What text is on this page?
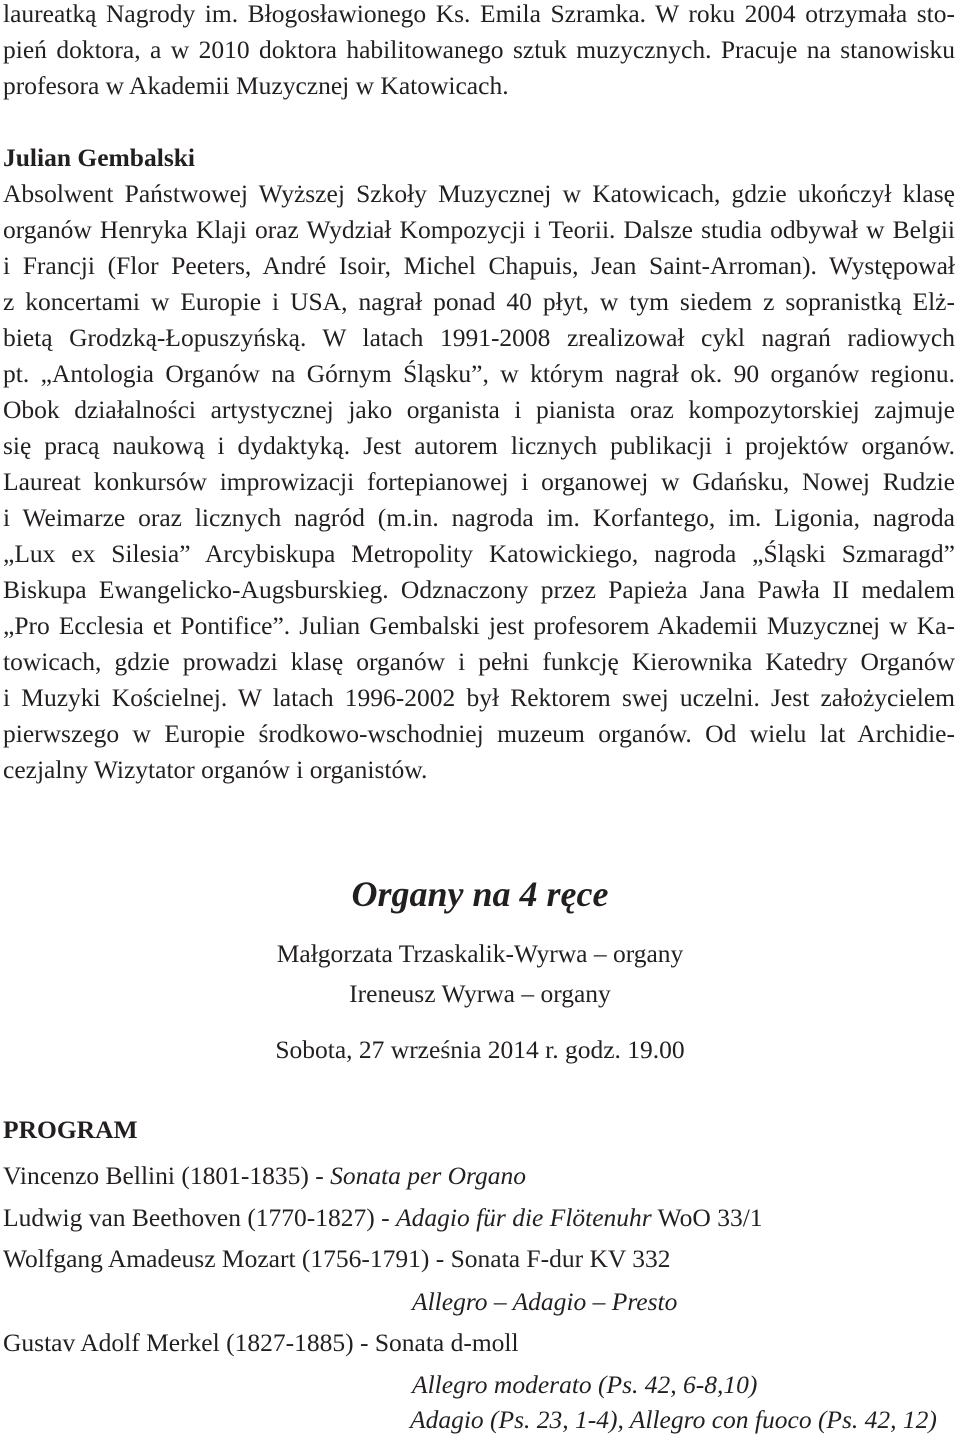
laureatką Nagrody im. Błogosławionego Ks. Emila Szramka. W roku 2004 otrzymała sto-
pień doktora, a w 2010 doktora habilitowanego sztuk muzycznych. Pracuje na stanowisku
profesora w Akademii Muzycznej w Katowicach.
Julian Gembalski
Absolwent Państwowej Wyższej Szkoły Muzycznej w Katowicach, gdzie ukończył klasę
organów Henryka Klaji oraz Wydział Kompozycji i Teorii. Dalsze studia odbywał w Belgii
i Francji (Flor Peeters, André Isoir, Michel Chapuis, Jean Saint-Arroman). Występował
z koncertami w Europie i USA, nagrał ponad 40 płyt, w tym siedem z sopranistką Elż-
bietą Grodzką-Łopuszyńską. W latach 1991-2008 zrealizował cykl nagrań radiowych
pt. „Antologia Organów na Górnym Śląsku”, w którym nagrał ok. 90 organów regionu.
Obok działalności artystycznej jako organista i pianista oraz kompozytorskiej zajmuje
się pracą naukową i dydaktyką. Jest autorem licznych publikacji i projektów organów.
Laureat konkursów improwizacji fortepianowej i organowej w Gdańsku, Nowej Rudzie
i Weimarze oraz licznych nagród (m.in. nagroda im. Korfantego, im. Ligonia, nagroda
„Lux ex Silesia” Arcybiskupa Metropolity Katowickiego, nagroda „Śląski Szmaragd”
Biskupa Ewangelicko-Augsburskieg. Odznaczony przez Papieża Jana Pawła II medalem
„Pro Ecclesia et Pontifice”. Julian Gembalski jest profesorem Akademii Muzycznej w Ka-
towicach, gdzie prowadzi klasę organów i pełni funkcję Kierownika Katedry Organów
i Muzyki Kościelnej. W latach 1996-2002 był Rektorem swej uczelni. Jest założycielem
pierwszego w Europie środkowo-wschodniej muzeum organów. Od wielu lat Archidie-
cezjalny Wizytator organów i organistów.
Organy na 4 ręce
Małgorzata Trzaskalik-Wyrwa – organy
Ireneusz Wyrwa – organy
Sobota, 27 września 2014 r. godz. 19.00
PROGRAM
Vincenzo Bellini (1801-1835) - Sonata per Organo
Ludwig van Beethoven (1770-1827) - Adagio für die Flötenuhr WoO 33/1
Wolfgang Amadeusz Mozart (1756-1791) - Sonata F-dur KV 332
Allegro – Adagio – Presto
Gustav Adolf Merkel (1827-1885) - Sonata d-moll
Allegro moderato (Ps. 42, 6-8,10)
Adagio (Ps. 23, 1-4), Allegro con fuoco (Ps. 42, 12)
